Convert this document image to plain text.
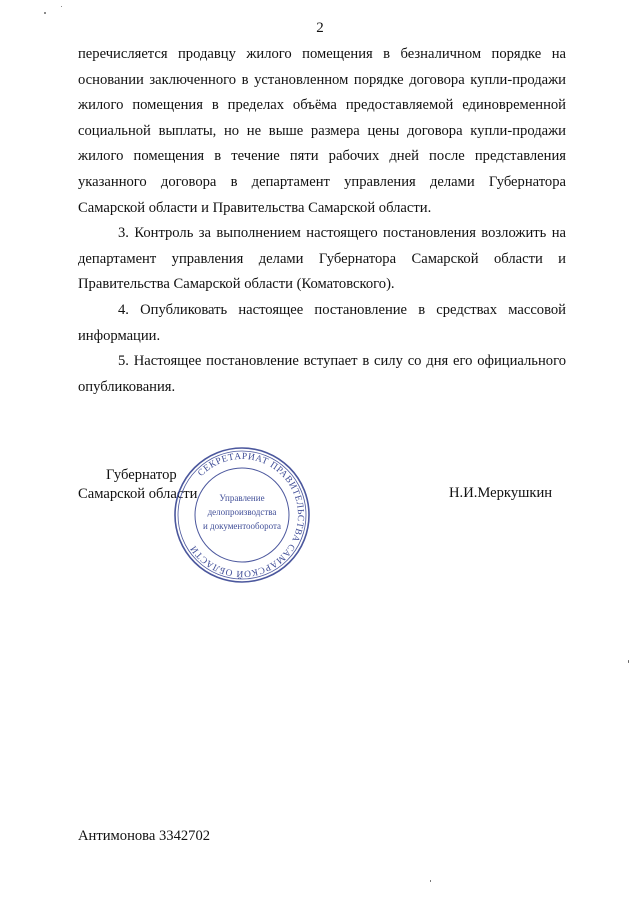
2

перечисляется продавцу жилого помещения в безналичном порядке на основании заключенного в установленном порядке договора купли-продажи жилого помещения в пределах объёма предоставляемой единовременной социальной выплаты, но не выше размера цены договора купли-продажи жилого помещения в течение пяти рабочих дней после представления указанного договора в департамент управления делами Губернатора Самарской области и Правительства Самарской области.

3. Контроль за выполнением настоящего постановления возложить на департамент управления делами Губернатора Самарской области и Правительства Самарской области (Коматовского).

4. Опубликовать настоящее постановление в средствах массовой информации.

5. Настоящее постановление вступает в силу со дня его официального опубликования.

Губернатор
Самарской области
СЕКРЕТАРИАТ ПРАВИТЕЛЬСТВА САМАРСКОЙ ОБЛАСТИ
Управление
делопроизводства
и документооборота
Н.И.Меркушкин
Антимонова 3342702
